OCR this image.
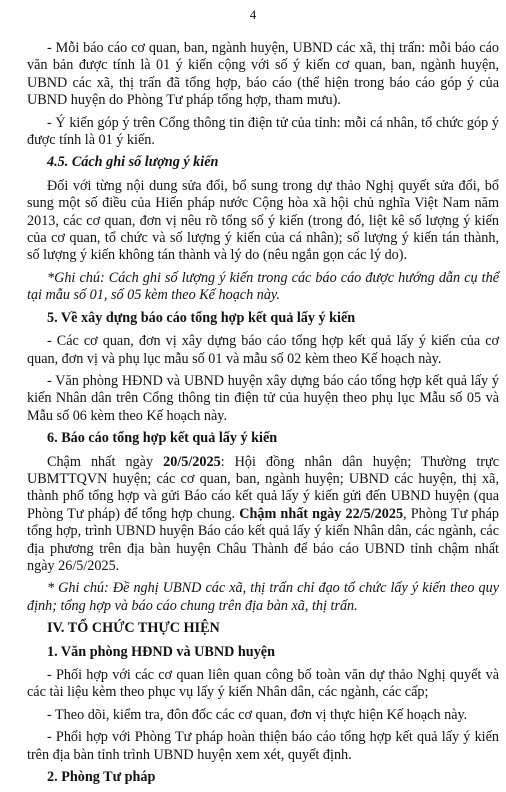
4

- Mỗi báo cáo cơ quan, ban, ngành huyện, UBND các xã, thị trấn: mỗi báo cáo văn bản được tính là 01 ý kiến cộng với số ý kiến cơ quan, ban, ngành huyện, UBND các xã, thị trấn đã tổng hợp, báo cáo (thể hiện trong báo cáo góp ý của UBND huyện do Phòng Tư pháp tổng hợp, tham mưu).

- Ý kiến góp ý trên Cổng thông tin điện tử của tỉnh: mỗi cá nhân, tổ chức góp ý được tính là 01 ý kiến.

4.5. Cách ghi số lượng ý kiến

Đối với từng nội dung sửa đổi, bổ sung trong dự thảo Nghị quyết sửa đổi, bổ sung một số điều của Hiến pháp nước Cộng hòa xã hội chủ nghĩa Việt Nam năm 2013, các cơ quan, đơn vị nêu rõ tổng số ý kiến (trong đó, liệt kê số lượng ý kiến của cơ quan, tổ chức và số lượng ý kiến của cá nhân); số lượng ý kiến tán thành, số lượng ý kiến không tán thành và lý do (nêu ngắn gọn các lý do).

*Ghi chú: Cách ghi số lượng ý kiến trong các báo cáo được hướng dẫn cụ thể tại mẫu số 01, số 05 kèm theo Kế hoạch này.

5. Về xây dựng báo cáo tổng hợp kết quả lấy ý kiến

- Các cơ quan, đơn vị xây dựng báo cáo tổng hợp kết quả lấy ý kiến của cơ quan, đơn vị và phụ lục mẫu số 01 và mẫu số 02 kèm theo Kế hoạch này.

- Văn phòng HĐND và UBND huyện xây dựng báo cáo tổng hợp kết quả lấy ý kiến Nhân dân trên Cổng thông tin điện tử của huyện theo phụ lục Mẫu số 05 và Mẫu số 06 kèm theo Kế hoạch này.

6. Báo cáo tổng hợp kết quả lấy ý kiến

Chậm nhất ngày 20/5/2025: Hội đồng nhân dân huyện; Thường trực UBMTTQVN huyện; các cơ quan, ban, ngành huyện; UBND các huyện, thị xã, thành phố tổng hợp và gửi Báo cáo kết quả lấy ý kiến gửi đến UBND huyện (qua Phòng Tư pháp) để tổng hợp chung. Chậm nhất ngày 22/5/2025, Phòng Tư pháp tổng hợp, trình UBND huyện Báo cáo kết quả lấy ý kiến Nhân dân, các ngành, các địa phương trên địa bàn huyện Châu Thành để báo cáo UBND tỉnh chậm nhất ngày 26/5/2025.

* Ghi chú: Đề nghị UBND các xã, thị trấn chỉ đạo tổ chức lấy ý kiến theo quy định; tổng hợp và báo cáo chung trên địa bàn xã, thị trấn.

IV. TỔ CHỨC THỰC HIỆN

1. Văn phòng HĐND và UBND huyện

- Phối hợp với các cơ quan liên quan công bố toàn văn dự thảo Nghị quyết và các tài liệu kèm theo phục vụ lấy ý kiến Nhân dân, các ngành, các cấp;

- Theo dõi, kiểm tra, đôn đốc các cơ quan, đơn vị thực hiện Kế hoạch này.

- Phối hợp với Phòng Tư pháp hoàn thiện báo cáo tổng hợp kết quả lấy ý kiến trên địa bàn tỉnh trình UBND huyện xem xét, quyết định.

2. Phòng Tư pháp
